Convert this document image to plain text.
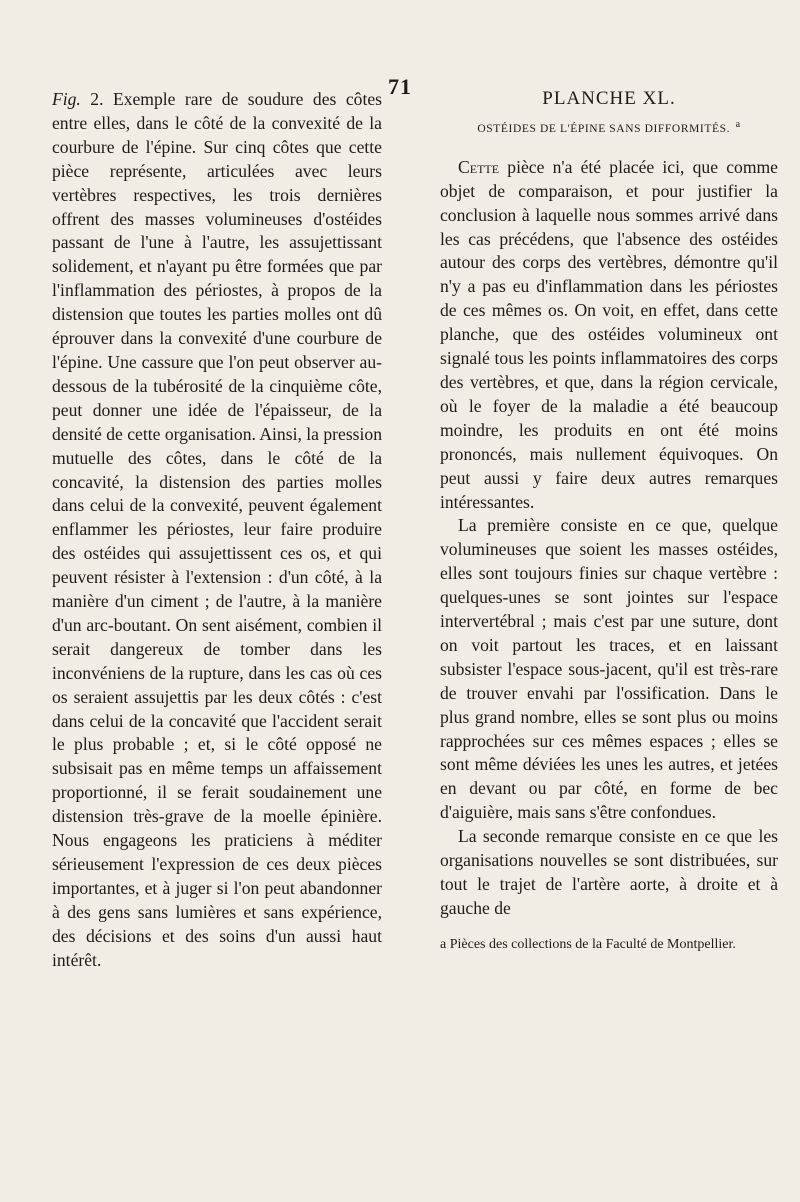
71

Fig. 2. Exemple rare de soudure des côtes entre elles, dans le côté de la convexité de la courbure de l'épine. Sur cinq côtes que cette pièce représente, articulées avec leurs vertèbres respectives, les trois dernières offrent des masses volumineuses d'ostéides passant de l'une à l'autre, les assujettissant solidement, et n'ayant pu être formées que par l'inflammation des périostes, à propos de la distension que toutes les parties molles ont dû éprouver dans la convexité d'une courbure de l'épine. Une cassure que l'on peut observer au-dessous de la tubérosité de la cinquième côte, peut donner une idée de l'épaisseur, de la densité de cette organisation. Ainsi, la pression mutuelle des côtes, dans le côté de la concavité, la distension des parties molles dans celui de la convexité, peuvent également enflammer les périostes, leur faire produire des ostéides qui assujettissent ces os, et qui peuvent résister à l'extension : d'un côté, à la manière d'un ciment ; de l'autre, à la manière d'un arc-boutant. On sent aisément, combien il serait dangereux de tomber dans les inconvéniens de la rupture, dans les cas où ces os seraient assujettis par les deux côtés : c'est dans celui de la concavité que l'accident serait le plus probable ; et, si le côté opposé ne subsisait pas en même temps un affaissement proportionné, il se ferait soudainement une distension très-grave de la moelle épinière. Nous engageons les praticiens à méditer sérieusement l'expression de ces deux pièces importantes, et à juger si l'on peut abandonner à des gens sans lumières et sans expérience, des décisions et des soins d'un aussi haut intérêt.

PLANCHE XL.
OSTÉIDES DE L'ÉPINE SANS DIFFORMITÉS. a

Cette pièce n'a été placée ici, que comme objet de comparaison, et pour justifier la conclusion à laquelle nous sommes arrivé dans les cas précédens, que l'absence des ostéides autour des corps des vertèbres, démontre qu'il n'y a pas eu d'inflammation dans les périostes de ces mêmes os. On voit, en effet, dans cette planche, que des ostéides volumineux ont signalé tous les points inflammatoires des corps des vertèbres, et que, dans la région cervicale, où le foyer de la maladie a été beaucoup moindre, les produits en ont été moins prononcés, mais nullement équivoques. On peut aussi y faire deux autres remarques intéressantes.

La première consiste en ce que, quelque volumineuses que soient les masses ostéides, elles sont toujours finies sur chaque vertèbre : quelques-unes se sont jointes sur l'espace intervertébral ; mais c'est par une suture, dont on voit partout les traces, et en laissant subsister l'espace sous-jacent, qu'il est très-rare de trouver envahi par l'ossification. Dans le plus grand nombre, elles se sont plus ou moins rapprochées sur ces mêmes espaces ; elles se sont même déviées les unes les autres, et jetées en devant ou par côté, en forme de bec d'aiguière, mais sans s'être confondues.

La seconde remarque consiste en ce que les organisations nouvelles se sont distribuées, sur tout le trajet de l'artère aorte, à droite et à gauche de

a Pièces des collections de la Faculté de Montpellier.
